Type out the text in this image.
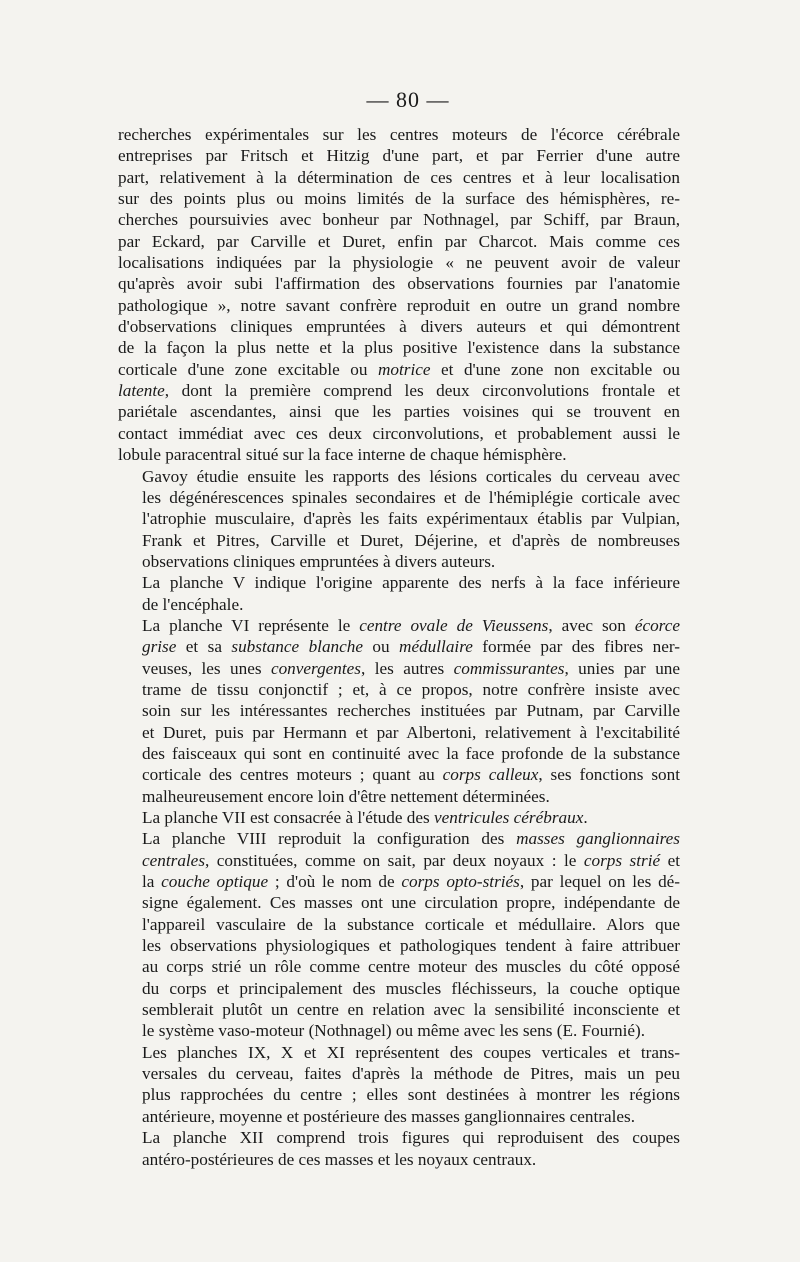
— 80 —
recherches expérimentales sur les centres moteurs de l'écorce cérébrale
entreprises par Fritsch et Hitzig d'une part, et par Ferrier d'une autre
part, relativement à la détermination de ces centres et à leur localisation
sur des points plus ou moins limités de la surface des hémisphères, re-
cherches poursuivies avec bonheur par Nothnagel, par Schiff, par Braun,
par Eckard, par Carville et Duret, enfin par Charcot. Mais comme ces
localisations indiquées par la physiologie « ne peuvent avoir de valeur
qu'après avoir subi l'affirmation des observations fournies par l'anatomie
pathologique », notre savant confrère reproduit en outre un grand nombre
d'observations cliniques empruntées à divers auteurs et qui démontrent
de la façon la plus nette et la plus positive l'existence dans la substance
corticale d'une zone excitable ou motrice et d'une zone non excitable ou
latente, dont la première comprend les deux circonvolutions frontale et
pariétale ascendantes, ainsi que les parties voisines qui se trouvent en
contact immédiat avec ces deux circonvolutions, et probablement aussi le
lobule paracentral situé sur la face interne de chaque hémisphère.
Gavoy étudie ensuite les rapports des lésions corticales du cerveau avec
les dégénérescences spinales secondaires et de l'hémiplégie corticale avec
l'atrophie musculaire, d'après les faits expérimentaux établis par Vulpian,
Frank et Pitres, Carville et Duret, Déjerine, et d'après de nombreuses
observations cliniques empruntées à divers auteurs.
La planche V indique l'origine apparente des nerfs à la face inférieure
de l'encéphale.
La planche VI représente le centre ovale de Vieussens, avec son écorce
grise et sa substance blanche ou médullaire formée par des fibres ner-
veuses, les unes convergentes, les autres commissurantes, unies par une
trame de tissu conjonctif ; et, à ce propos, notre confrère insiste avec
soin sur les intéressantes recherches instituées par Putnam, par Carville
et Duret, puis par Hermann et par Albertoni, relativement à l'excitabilité
des faisceaux qui sont en continuité avec la face profonde de la substance
corticale des centres moteurs ; quant au corps calleux, ses fonctions sont
malheureusement encore loin d'être nettement déterminées.
La planche VII est consacrée à l'étude des ventricules cérébraux.
La planche VIII reproduit la configuration des masses ganglionnaires
centrales, constituées, comme on sait, par deux noyaux : le corps strié et
la couche optique ; d'où le nom de corps opto-striés, par lequel on les dé-
signe également. Ces masses ont une circulation propre, indépendante de
l'appareil vasculaire de la substance corticale et médullaire. Alors que
les observations physiologiques et pathologiques tendent à faire attribuer
au corps strié un rôle comme centre moteur des muscles du côté opposé
du corps et principalement des muscles fléchisseurs, la couche optique
semblerait plutôt un centre en relation avec la sensibilité inconsciente et
le système vaso-moteur (Nothnagel) ou même avec les sens (E. Fournié).
Les planches IX, X et XI représentent des coupes verticales et trans-
versales du cerveau, faites d'après la méthode de Pitres, mais un peu
plus rapprochées du centre ; elles sont destinées à montrer les régions
antérieure, moyenne et postérieure des masses ganglionnaires centrales.
La planche XII comprend trois figures qui reproduisent des coupes
antéro-postérieures de ces masses et les noyaux centraux.
